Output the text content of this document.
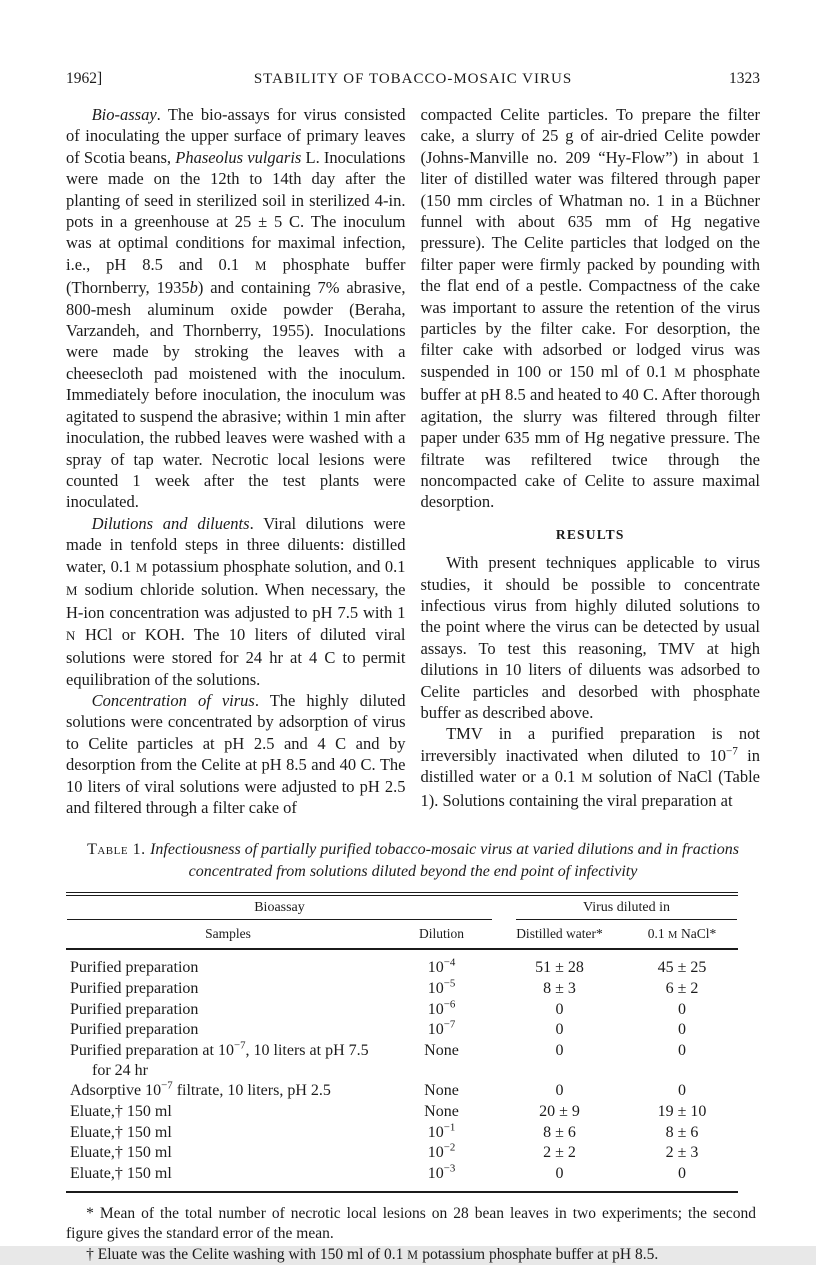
1962]	STABILITY OF TOBACCO-MOSAIC VIRUS	1323
Bio-assay. The bio-assays for virus consisted of inoculating the upper surface of primary leaves of Scotia beans, Phaseolus vulgaris L. Inoculations were made on the 12th to 14th day after the planting of seed in sterilized soil in sterilized 4-in. pots in a greenhouse at 25 ± 5 C. The inoculum was at optimal conditions for maximal infection, i.e., pH 8.5 and 0.1 M phosphate buffer (Thornberry, 1935b) and containing 7% abrasive, 800-mesh aluminum oxide powder (Beraha, Varzandeh, and Thornberry, 1955). Inoculations were made by stroking the leaves with a cheesecloth pad moistened with the inoculum. Immediately before inoculation, the inoculum was agitated to suspend the abrasive; within 1 min after inoculation, the rubbed leaves were washed with a spray of tap water. Necrotic local lesions were counted 1 week after the test plants were inoculated.
Dilutions and diluents. Viral dilutions were made in tenfold steps in three diluents: distilled water, 0.1 M potassium phosphate solution, and 0.1 M sodium chloride solution. When necessary, the H-ion concentration was adjusted to pH 7.5 with 1 N HCl or KOH. The 10 liters of diluted viral solutions were stored for 24 hr at 4 C to permit equilibration of the solutions.
Concentration of virus. The highly diluted solutions were concentrated by adsorption of virus to Celite particles at pH 2.5 and 4 C and by desorption from the Celite at pH 8.5 and 40 C. The 10 liters of viral solutions were adjusted to pH 2.5 and filtered through a filter cake of
compacted Celite particles. To prepare the filter cake, a slurry of 25 g of air-dried Celite powder (Johns-Manville no. 209 “Hy-Flow”) in about 1 liter of distilled water was filtered through paper (150 mm circles of Whatman no. 1 in a Büchner funnel with about 635 mm of Hg negative pressure). The Celite particles that lodged on the filter paper were firmly packed by pounding with the flat end of a pestle. Compactness of the cake was important to assure the retention of the virus particles by the filter cake. For desorption, the filter cake with adsorbed or lodged virus was suspended in 100 or 150 ml of 0.1 M phosphate buffer at pH 8.5 and heated to 40 C. After thorough agitation, the slurry was filtered through filter paper under 635 mm of Hg negative pressure. The filtrate was refiltered twice through the noncompacted cake of Celite to assure maximal desorption.
RESULTS
With present techniques applicable to virus studies, it should be possible to concentrate infectious virus from highly diluted solutions to the point where the virus can be detected by usual assays. To test this reasoning, TMV at high dilutions in 10 liters of diluents was adsorbed to Celite particles and desorbed with phosphate buffer as described above.
TMV in a purified preparation is not irreversibly inactivated when diluted to $10^{-7}$ in distilled water or a 0.1 M solution of NaCl (Table 1). Solutions containing the viral preparation at
Table 1. Infectiousness of partially purified tobacco-mosaic virus at varied dilutions and in fractions concentrated from solutions diluted beyond the end point of infectivity
Bioassay		Virus diluted in	

Samples	Dilution	Distilled water*	0.1 M NaCl*
Purified preparation	$10^{-4}$	51 ± 28	45 ± 25
Purified preparation	$10^{-5}$	8 ± 3	6 ± 2
Purified preparation	$10^{-6}$	0	0
Purified preparation	$10^{-7}$	0	0
Purified preparation at $10^{-7}$, 10 liters at pH 7.5
for 24 hr	None	0	0
Adsorptive $10^{-7}$ filtrate, 10 liters, pH 2.5	None	0	0
Eluate,† 150 ml	None	20 ± 9	19 ± 10
Eluate,† 150 ml	$10^{-1}$	8 ± 6	8 ± 6
Eluate,† 150 ml	$10^{-2}$	2 ± 2	2 ± 3
Eluate,† 150 ml	$10^{-3}$	0	0
* Mean of the total number of necrotic local lesions on 28 bean leaves in two experiments; the second figure gives the standard error of the mean.
† Eluate was the Celite washing with 150 ml of 0.1 M potassium phosphate buffer at pH 8.5.
